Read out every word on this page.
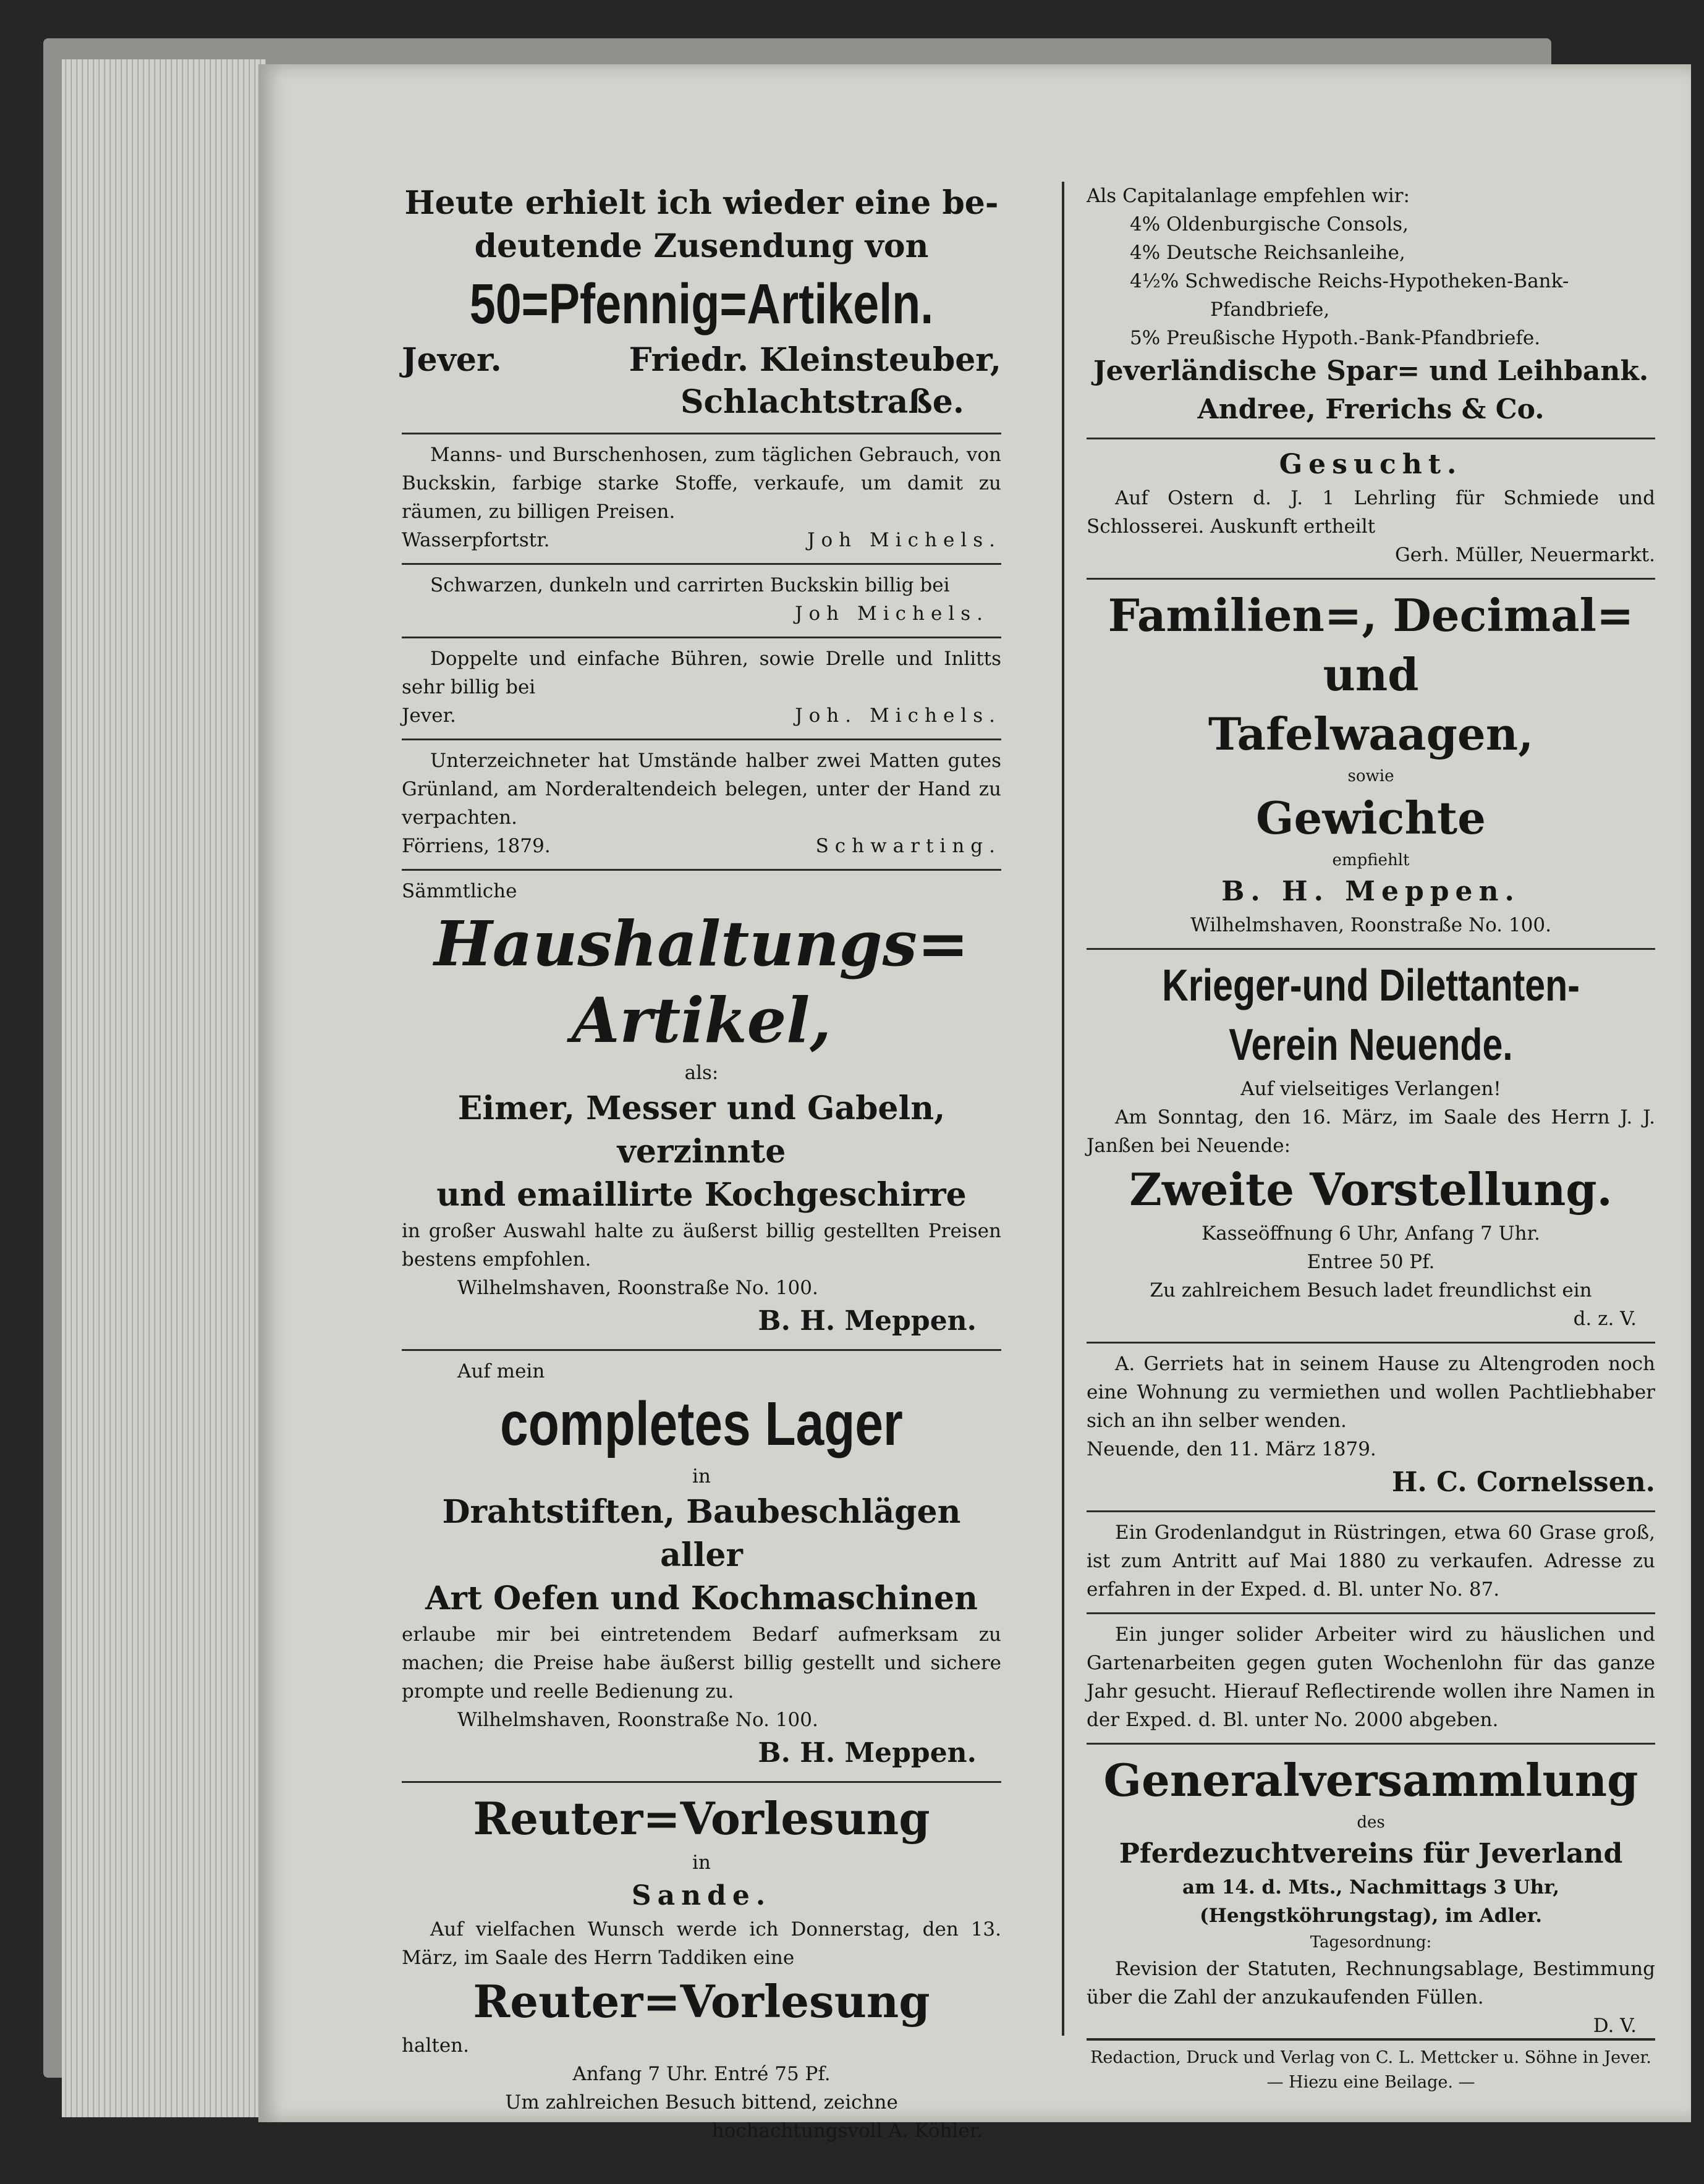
Heute erhielt ich wieder eine be-
deutende Zusendung von
50=Pfennig=Artikeln.
Jever.	Friedr. Kleinsteuber,
Schlachtstraße.

Manns- und Burschenhosen, zum täglichen Gebrauch, von Buckskin, farbige starke Stoffe, verkaufe, um damit zu räumen, zu billigen Preisen.

Wasserpfortstr.	Joh Michels.

Schwarzen, dunkeln und carrirten Buckskin billig bei

Joh Michels.

Doppelte und einfache Bühren, sowie Drelle und Inlitts sehr billig bei

Jever.	Joh. Michels.

Unterzeichneter hat Umstände halber zwei Matten gutes Grünland, am Norderaltendeich belegen, unter der Hand zu verpachten.

Förriens, 1879.	Schwarting.

Sämmtliche

Haushaltungs=
Artikel,

als:

Eimer, Messer und Gabeln, verzinnte
und emaillirte Kochgeschirre

in großer Auswahl halte zu äußerst billig gestellten Preisen bestens empfohlen.

Wilhelmshaven, Roonstraße No. 100.

B. H. Meppen.

Auf mein

completes Lager

in

Drahtstiften, Baubeschlägen aller
Art Oefen und Kochmaschinen

erlaube mir bei eintretendem Bedarf aufmerksam zu machen; die Preise habe äußerst billig gestellt und sichere prompte und reelle Bedienung zu.

Wilhelmshaven, Roonstraße No. 100.

B. H. Meppen.
Reuter=Vorlesung

in

Sande.

Auf vielfachen Wunsch werde ich Donnerstag, den 13. März, im Saale des Herrn Taddiken eine

Reuter=Vorlesung

halten.

Anfang 7 Uhr. Entré 75 Pf.

Um zahlreichen Besuch bittend, zeichne

hochachtungsvoll A. Köhler.

Als Capitalanlage empfehlen wir:

4% Oldenburgische Consols,

4% Deutsche Reichsanleihe,

4½% Schwedische Reichs-Hypotheken-Bank-

Pfandbriefe,

5% Preußische Hypoth.-Bank-Pfandbriefe.

Jeverländische Spar= und Leihbank.
Andree, Frerichs & Co.
Gesucht.

Auf Ostern d. J. 1 Lehrling für Schmiede und Schlosserei. Auskunft ertheilt

Gerh. Müller, Neuermarkt.

Familien=, Decimal= und
Tafelwaagen,

sowie

Gewichte

empfiehlt

B. H. Meppen.

Wilhelmshaven, Roonstraße No. 100.

Krieger-und Dilettanten-
Verein Neuende.

Auf vielseitiges Verlangen!

Am Sonntag, den 16. März, im Saale des Herrn J. J. Janßen bei Neuende:

Zweite Vorstellung.

Kasseöffnung 6 Uhr, Anfang 7 Uhr.

Entree 50 Pf.

Zu zahlreichem Besuch ladet freundlichst ein

d. z. V.

A. Gerriets hat in seinem Hause zu Altengroden noch eine Wohnung zu vermiethen und wollen Pachtliebhaber sich an ihn selber wenden.

Neuende, den 11. März 1879.

H. C. Cornelssen.

Ein Grodenlandgut in Rüstringen, etwa 60 Grase groß, ist zum Antritt auf Mai 1880 zu verkaufen. Adresse zu erfahren in der Exped. d. Bl. unter No. 87.

Ein junger solider Arbeiter wird zu häuslichen und Gartenarbeiten gegen guten Wochenlohn für das ganze Jahr gesucht. Hierauf Reflectirende wollen ihre Namen in der Exped. d. Bl. unter No. 2000 abgeben.

Generalversammlung

des

Pferdezuchtvereins für Jeverland

am 14. d. Mts., Nachmittags 3 Uhr, (Hengstköhrungstag), im Adler.

Tagesordnung:

Revision der Statuten, Rechnungsablage, Bestimmung über die Zahl der anzukaufenden Füllen.

D. V.

Redaction, Druck und Verlag von C. L. Mettcker u. Söhne in Jever.

— Hiezu eine Beilage. —
